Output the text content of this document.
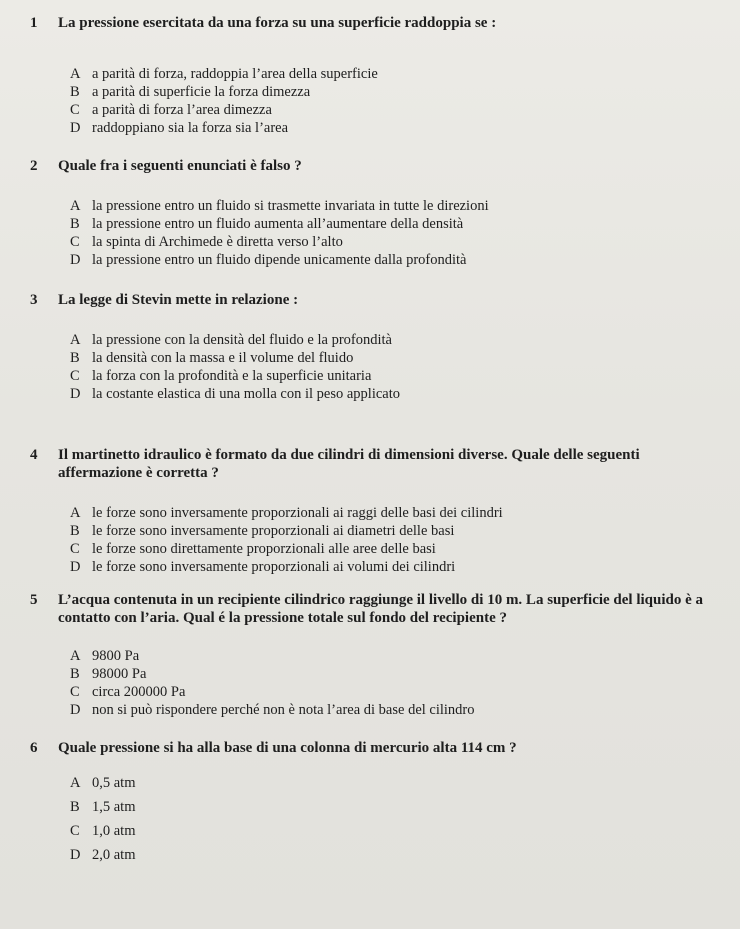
1	La pressione esercitata da una forza su una superficie raddoppia se :
A a parità di forza, raddoppia l’area della superficie
B a parità di superficie la forza dimezza
C a parità di forza l’area dimezza
D raddoppiano sia la forza sia l’area
2	Quale fra i seguenti enunciati è falso ?
A la pressione entro un fluido si trasmette invariata in tutte le direzioni
B la pressione entro un fluido aumenta all’aumentare della densità
C la spinta di Archimede è diretta verso l’alto
D la pressione entro un fluido dipende unicamente dalla profondità
3	La legge di Stevin mette in relazione :
A la pressione con la densità del fluido e la profondità
B la densità con la massa e il volume del fluido
C la forza con la profondità e la superficie unitaria
D la costante elastica di una molla con il peso applicato
4	Il martinetto idraulico è formato da due cilindri di dimensioni diverse. Quale delle seguenti affermazione è corretta ?
A le forze sono inversamente proporzionali ai raggi delle basi dei cilindri
B le forze sono inversamente proporzionali ai diametri delle basi
C le forze sono direttamente proporzionali alle aree delle basi
D le forze sono inversamente proporzionali ai volumi dei cilindri
5	L’acqua contenuta in un recipiente cilindrico raggiunge il livello di 10 m. La superficie del liquido è a contatto con l’aria. Qual é la pressione totale sul fondo del recipiente ?
A 9800 Pa
B 98000 Pa
C circa 200000 Pa
D non si può rispondere perché non è nota l’area di base del cilindro
6	Quale pressione si ha alla base di una colonna di mercurio alta 114 cm ?
A 0,5 atm
B 1,5 atm
C 1,0 atm
D 2,0 atm
